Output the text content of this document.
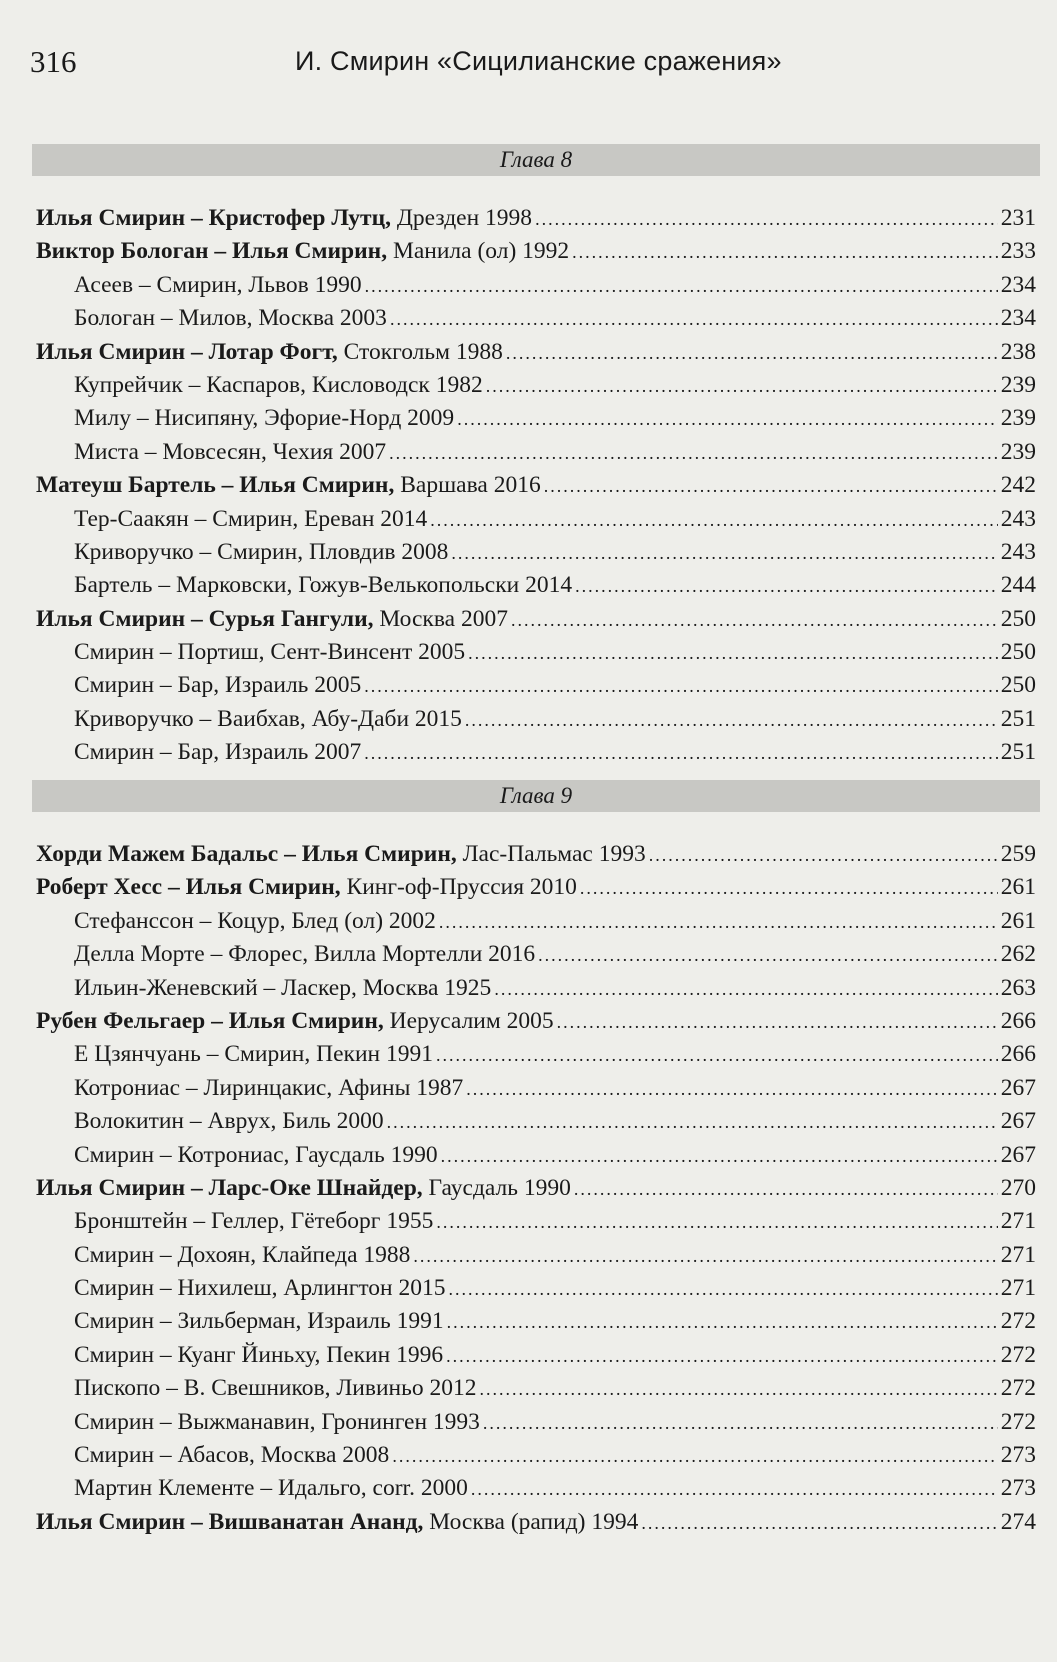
316	И. Смирин «Сицилианские сражения»
Глава 8
Илья Смирин – Кристофер Лутц, Дрезден 1998 .....	231
Виктор Бологан – Илья Смирин, Манила (ол) 1992 .....	233
Асеев – Смирин, Львов 1990 .....	234
Бологан – Милов, Москва 2003 .....	234
Илья Смирин – Лотар Фогт, Стокгольм 1988 .....	238
Купрейчик – Каспаров, Кисловодск 1982 .....	239
Милу – Нисипяну, Эфорие-Норд 2009 .....	239
Миста – Мовсесян, Чехия 2007 .....	239
Матеуш Бартель – Илья Смирин, Варшава 2016 .....	242
Тер-Саакян – Смирин, Ереван 2014 .....	243
Криворучко – Смирин, Пловдив 2008 .....	243
Бартель – Марковски, Гожув-Велькопольски 2014 .....	244
Илья Смирин – Сурья Гангули, Москва 2007 .....	250
Смирин – Портиш, Сент-Винсент 2005 .....	250
Смирин – Бар, Израиль 2005 .....	250
Криворучко – Ваибхав, Абу-Даби 2015 .....	251
Смирин – Бар, Израиль 2007 .....	251
Глава 9
Хорди Мажем Бадальс – Илья Смирин, Лас-Пальмас 1993 .....	259
Роберт Хесс – Илья Смирин, Кинг-оф-Пруссия 2010 .....	261
Стефанссон – Коцур, Блед (ол) 2002 .....	261
Делла Морте – Флорес, Вилла Мортелли 2016 .....	262
Ильин-Женевский – Ласкер, Москва 1925 .....	263
Рубен Фельгаер – Илья Смирин, Иерусалим 2005 .....	266
Е Цзянчуань – Смирин, Пекин 1991 .....	266
Котрониас – Лиринцакис, Афины 1987 .....	267
Волокитин – Аврух, Биль 2000 .....	267
Смирин – Котрониас, Гаусдаль 1990 .....	267
Илья Смирин – Ларс-Оке Шнайдер, Гаусдаль 1990 .....	270
Бронштейн – Геллер, Гётеборг 1955 .....	271
Смирин – Дохоян, Клайпеда 1988 .....	271
Смирин – Нихилеш, Арлингтон 2015 .....	271
Смирин – Зильберман, Израиль 1991 .....	272
Смирин – Куанг Йиньху, Пекин 1996 .....	272
Пископо – В. Свешников, Ливиньо 2012 .....	272
Смирин – Выжманавин, Гронинген 1993 .....	272
Смирин – Абасов, Москва 2008 .....	273
Мартин Клементе – Идальго, corr. 2000 .....	273
Илья Смирин – Вишванатан Ананд, Москва (рапид) 1994 .....	274
